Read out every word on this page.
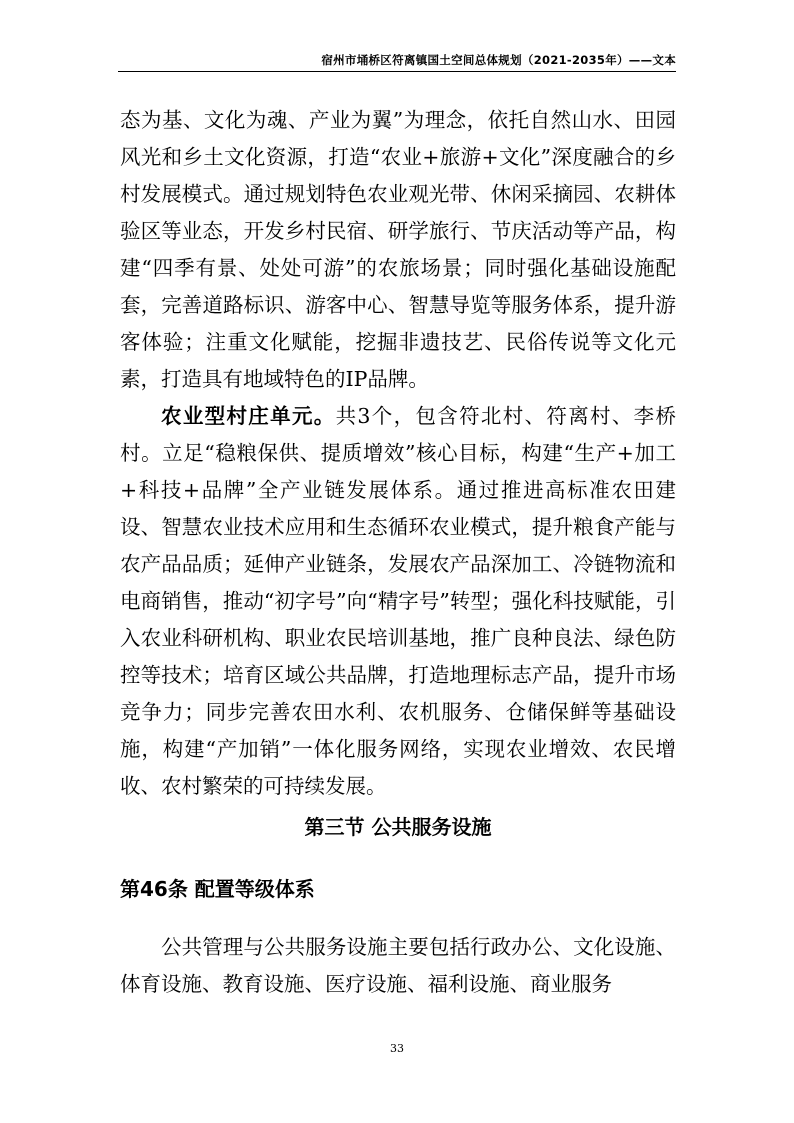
宿州市埇桥区符离镇国土空间总体规划（2021-2035年）——文本

态为基、文化为魂、产业为翼”为理念，依托自然山水、田园风光和乡土文化资源，打造“农业+旅游+文化”深度融合的乡村发展模式。通过规划特色农业观光带、休闲采摘园、农耕体验区等业态，开发乡村民宿、研学旅行、节庆活动等产品，构建“四季有景、处处可游”的农旅场景；同时强化基础设施配套，完善道路标识、游客中心、智慧导览等服务体系，提升游客体验；注重文化赋能，挖掘非遗技艺、民俗传说等文化元素，打造具有地域特色的IP品牌。

农业型村庄单元。共3个，包含符北村、符离村、李桥村。立足“稳粮保供、提质增效”核心目标，构建“生产+加工+科技+品牌”全产业链发展体系。通过推进高标准农田建设、智慧农业技术应用和生态循环农业模式，提升粮食产能与农产品品质；延伸产业链条，发展农产品深加工、冷链物流和电商销售，推动“初字号”向“精字号”转型；强化科技赋能，引入农业科研机构、职业农民培训基地，推广良种良法、绿色防控等技术；培育区域公共品牌，打造地理标志产品，提升市场竞争力；同步完善农田水利、农机服务、仓储保鲜等基础设施，构建“产加销”一体化服务网络，实现农业增效、农民增收、农村繁荣的可持续发展。

第三节 公共服务设施
第46条 配置等级体系

公共管理与公共服务设施主要包括行政办公、文化设施、体育设施、教育设施、医疗设施、福利设施、商业服务

33
